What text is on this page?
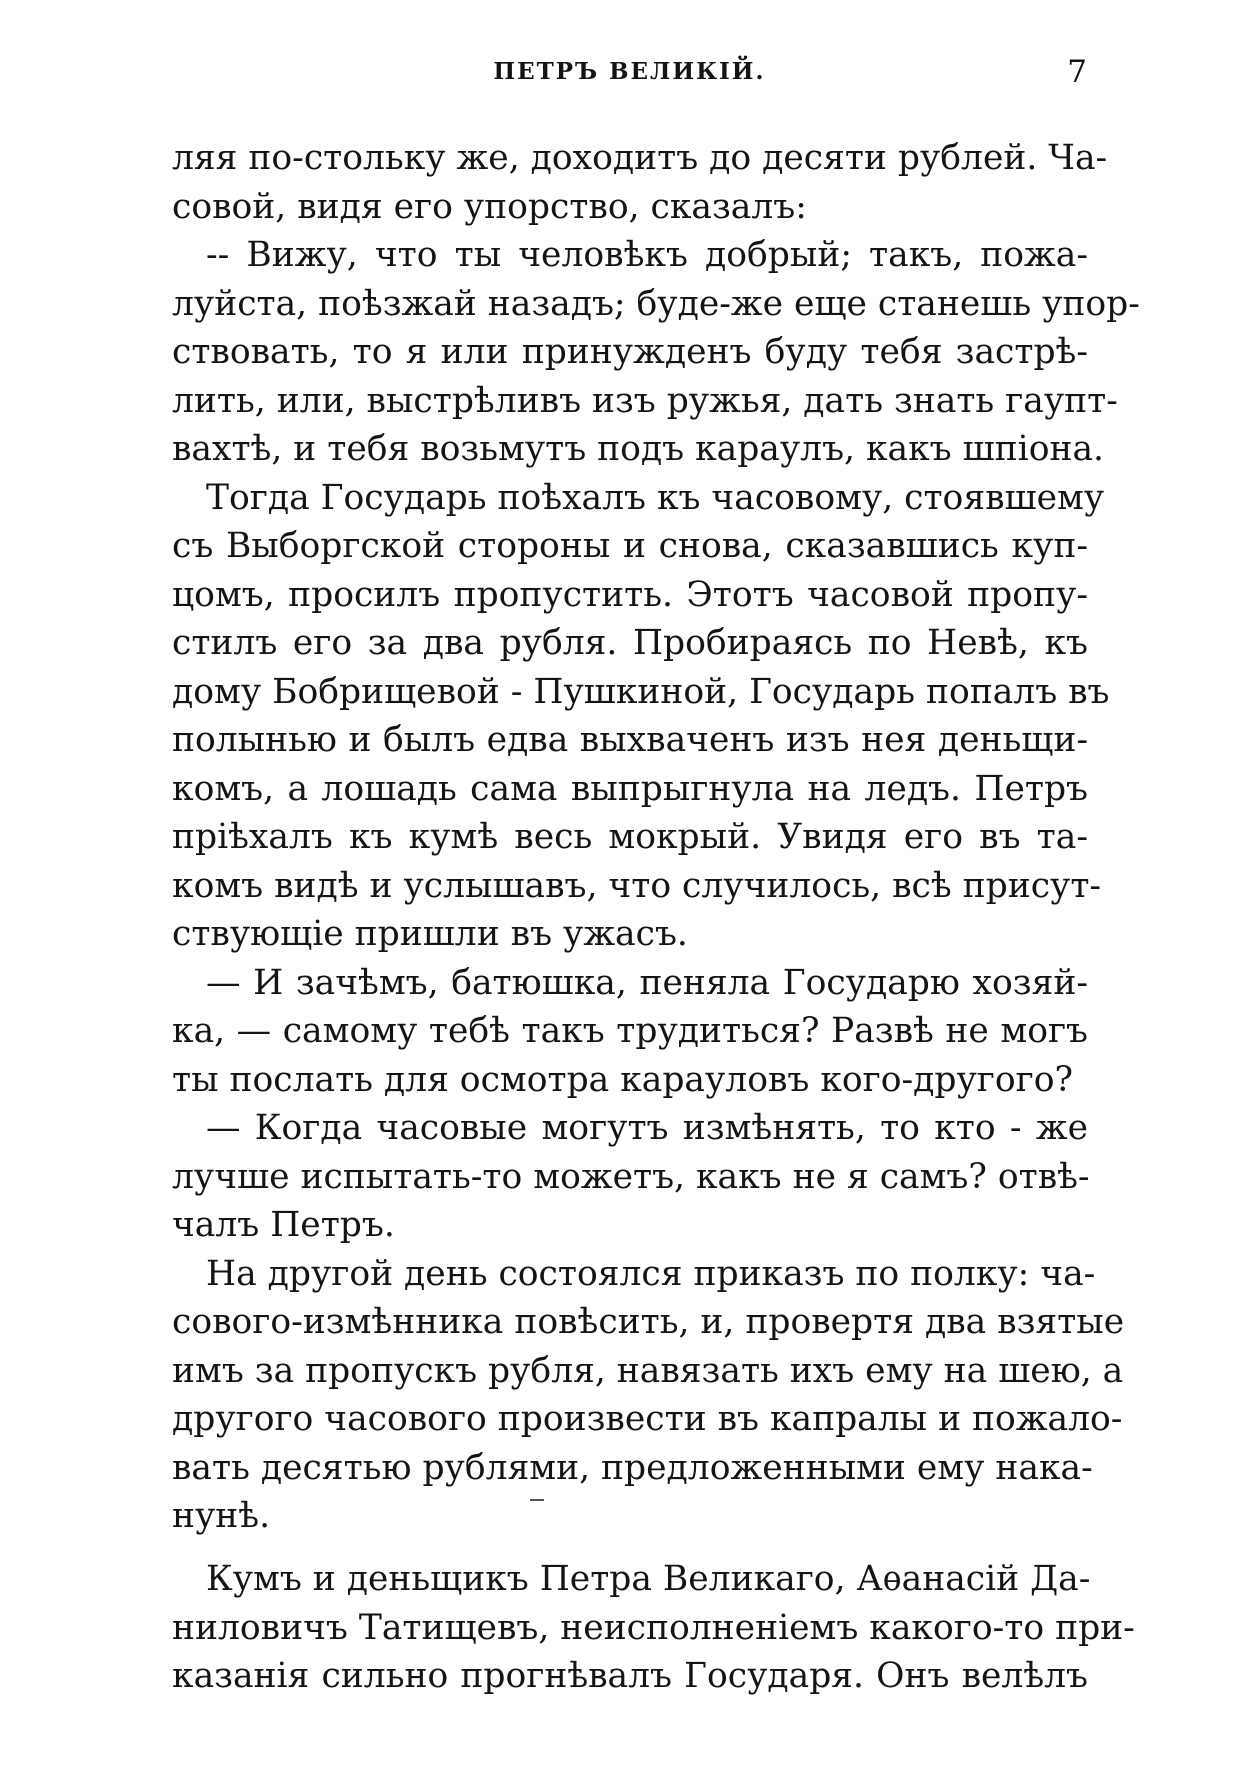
ПЕТРЪ ВЕЛИКІЙ.	7
ляя по-стольку же, доходитъ до десяти рублей. Ча-
совой, видя его упорство, сказалъ:
-- Вижу, что ты человѣкъ добрый; такъ, пожа-
луйста, поѣзжай назадъ; буде-же еще станешь упор-
ствовать, то я или принужденъ буду тебя застрѣ-
лить, или, выстрѣливъ изъ ружья, дать знать гаупт-
вахтѣ, и тебя возьмутъ подъ караулъ, какъ шпіона.
Тогда Государь поѣхалъ къ часовому, стоявшему
съ Выборгской стороны и снова, сказавшись куп-
цомъ, просилъ пропустить. Этотъ часовой пропу-
стилъ его за два рубля. Пробираясь по Невѣ, къ
дому Бобрищевой - Пушкиной, Государь попалъ въ
полынью и былъ едва выхваченъ изъ нея деньщи-
комъ, а лошадь сама выпрыгнула на ледъ. Петръ
пріѣхалъ къ кумѣ весь мокрый. Увидя его въ та-
комъ видѣ и услышавъ, что случилось, всѣ присут-
ствующіе пришли въ ужасъ.
— И зачѣмъ, батюшка, пеняла Государю хозяй-
ка, — самому тебѣ такъ трудиться? Развѣ не могъ
ты послать для осмотра карауловъ кого-другого?
— Когда часовые могутъ измѣнять, то кто - же
лучше испытать-то можетъ, какъ не я самъ? отвѣ-
чалъ Петръ.
На другой день состоялся приказъ по полку: ча-
сового-измѣнника повѣсить, и, провертя два взятые
имъ за пропускъ рубля, навязать ихъ ему на шею, а
другого часового произвести въ капралы и пожало-
вать десятью рублями, предложенными ему нака-
нунѣ.
Кумъ и деньщикъ Петра Великаго, Аѳанасій Да-
ниловичъ Татищевъ, неисполненіемъ какого-то при-
казанія сильно прогнѣвалъ Государя. Онъ велѣлъ
